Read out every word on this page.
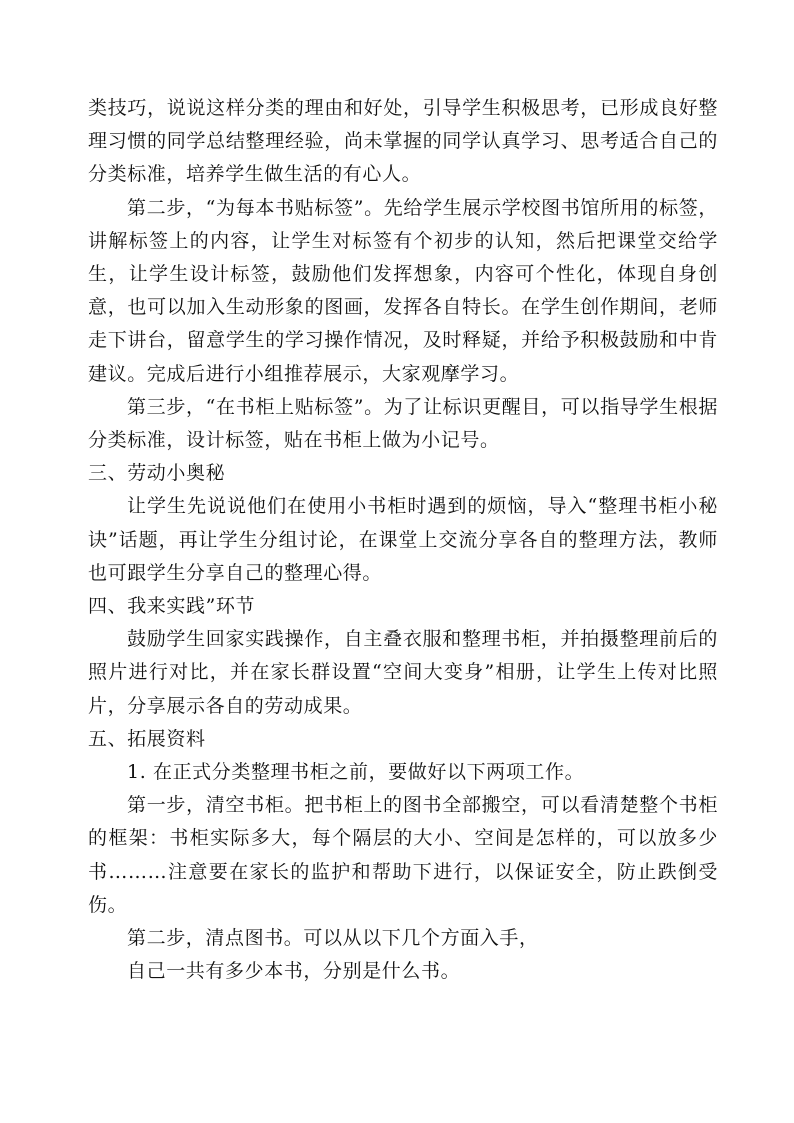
类技巧，说说这样分类的理由和好处，引导学生积极思考，已形成良好整理习惯的同学总结整理经验，尚未掌握的同学认真学习、思考适合自己的分类标准，培养学生做生活的有心人。

第二步，“为每本书贴标签”。先给学生展示学校图书馆所用的标签，讲解标签上的内容，让学生对标签有个初步的认知，然后把课堂交给学生，让学生设计标签，鼓励他们发挥想象，内容可个性化，体现自身创意，也可以加入生动形象的图画，发挥各自特长。在学生创作期间，老师走下讲台，留意学生的学习操作情况，及时释疑，并给予积极鼓励和中肯建议。完成后进行小组推荐展示，大家观摩学习。

第三步，“在书柜上贴标签”。为了让标识更醒目，可以指导学生根据分类标准，设计标签，贴在书柜上做为小记号。

三、劳动小奥秘

让学生先说说他们在使用小书柜时遇到的烦恼，导入“整理书柜小秘诀”话题，再让学生分组讨论，在课堂上交流分享各自的整理方法，教师也可跟学生分享自己的整理心得。

四、我来实践”环节

鼓励学生回家实践操作，自主叠衣服和整理书柜，并拍摄整理前后的照片进行对比，并在家长群设置“空间大变身”相册，让学生上传对比照片，分享展示各自的劳动成果。

五、拓展资料

1. 在正式分类整理书柜之前，要做好以下两项工作。

第一步，清空书柜。把书柜上的图书全部搬空，可以看清楚整个书柜的框架：书柜实际多大，每个隔层的大小、空间是怎样的，可以放多少书………注意要在家长的监护和帮助下进行，以保证安全，防止跌倒受伤。

第二步，清点图书。可以从以下几个方面入手，

自己一共有多少本书，分别是什么书。
